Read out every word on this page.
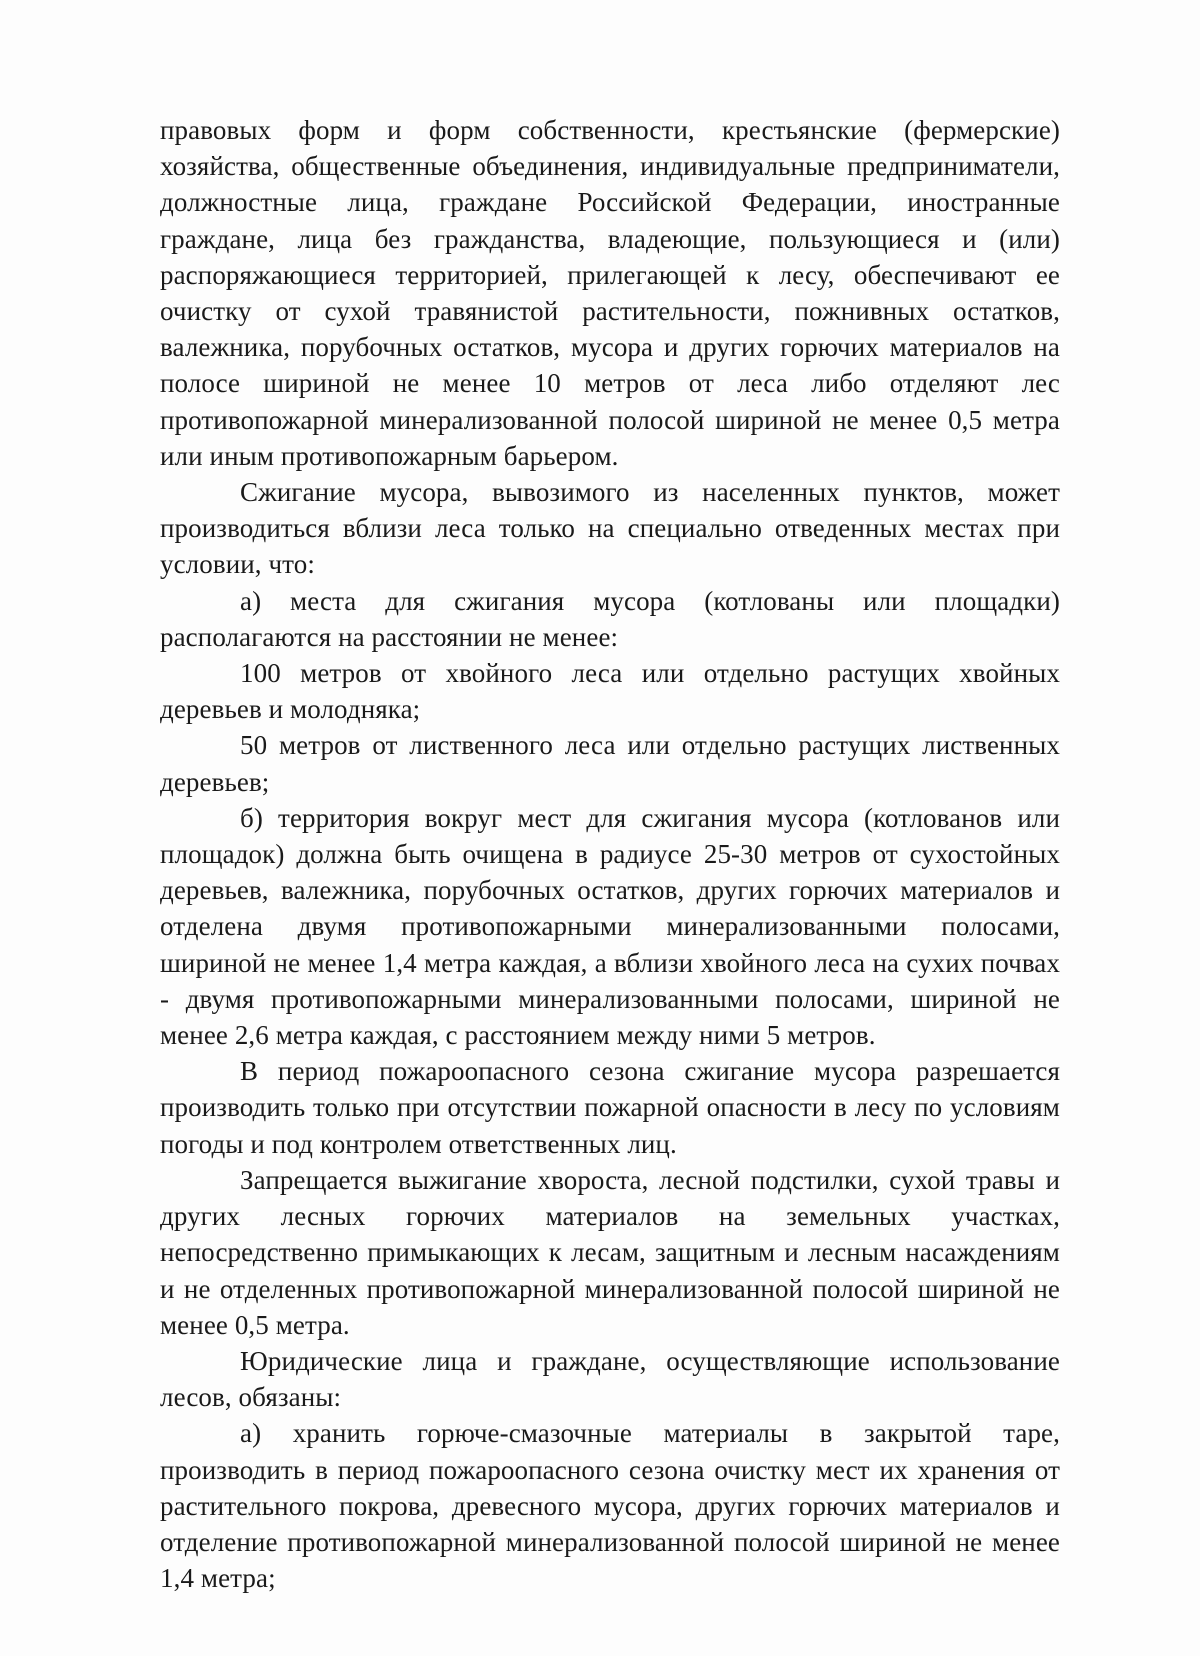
правовых форм и форм собственности, крестьянские (фермерские) хозяйства, общественные объединения, индивидуальные предприниматели, должностные лица, граждане Российской Федерации, иностранные граждане, лица без гражданства, владеющие, пользующиеся и (или) распоряжающиеся территорией, прилегающей к лесу, обеспечивают ее очистку от сухой травянистой растительности, пожнивных остатков, валежника, порубочных остатков, мусора и других горючих материалов на полосе шириной не менее 10 метров от леса либо отделяют лес противопожарной минерализованной полосой шириной не менее 0,5 метра или иным противопожарным барьером.

Сжигание мусора, вывозимого из населенных пунктов, может производиться вблизи леса только на специально отведенных местах при условии, что:

а) места для сжигания мусора (котлованы или площадки) располагаются на расстоянии не менее:

100 метров от хвойного леса или отдельно растущих хвойных деревьев и молодняка;

50 метров от лиственного леса или отдельно растущих лиственных деревьев;

б) территория вокруг мест для сжигания мусора (котлованов или площадок) должна быть очищена в радиусе 25-30 метров от сухостойных деревьев, валежника, порубочных остатков, других горючих материалов и отделена двумя противопожарными минерализованными полосами, шириной не менее 1,4 метра каждая, а вблизи хвойного леса на сухих почвах - двумя противопожарными минерализованными полосами, шириной не менее 2,6 метра каждая, с расстоянием между ними 5 метров.

В период пожароопасного сезона сжигание мусора разрешается производить только при отсутствии пожарной опасности в лесу по условиям погоды и под контролем ответственных лиц.

Запрещается выжигание хвороста, лесной подстилки, сухой травы и других лесных горючих материалов на земельных участках, непосредственно примыкающих к лесам, защитным и лесным насаждениям и не отделенных противопожарной минерализованной полосой шириной не менее 0,5 метра.

Юридические лица и граждане, осуществляющие использование лесов, обязаны:

а) хранить горюче-смазочные материалы в закрытой таре, производить в период пожароопасного сезона очистку мест их хранения от растительного покрова, древесного мусора, других горючих материалов и отделение противопожарной минерализованной полосой шириной не менее 1,4 метра;
